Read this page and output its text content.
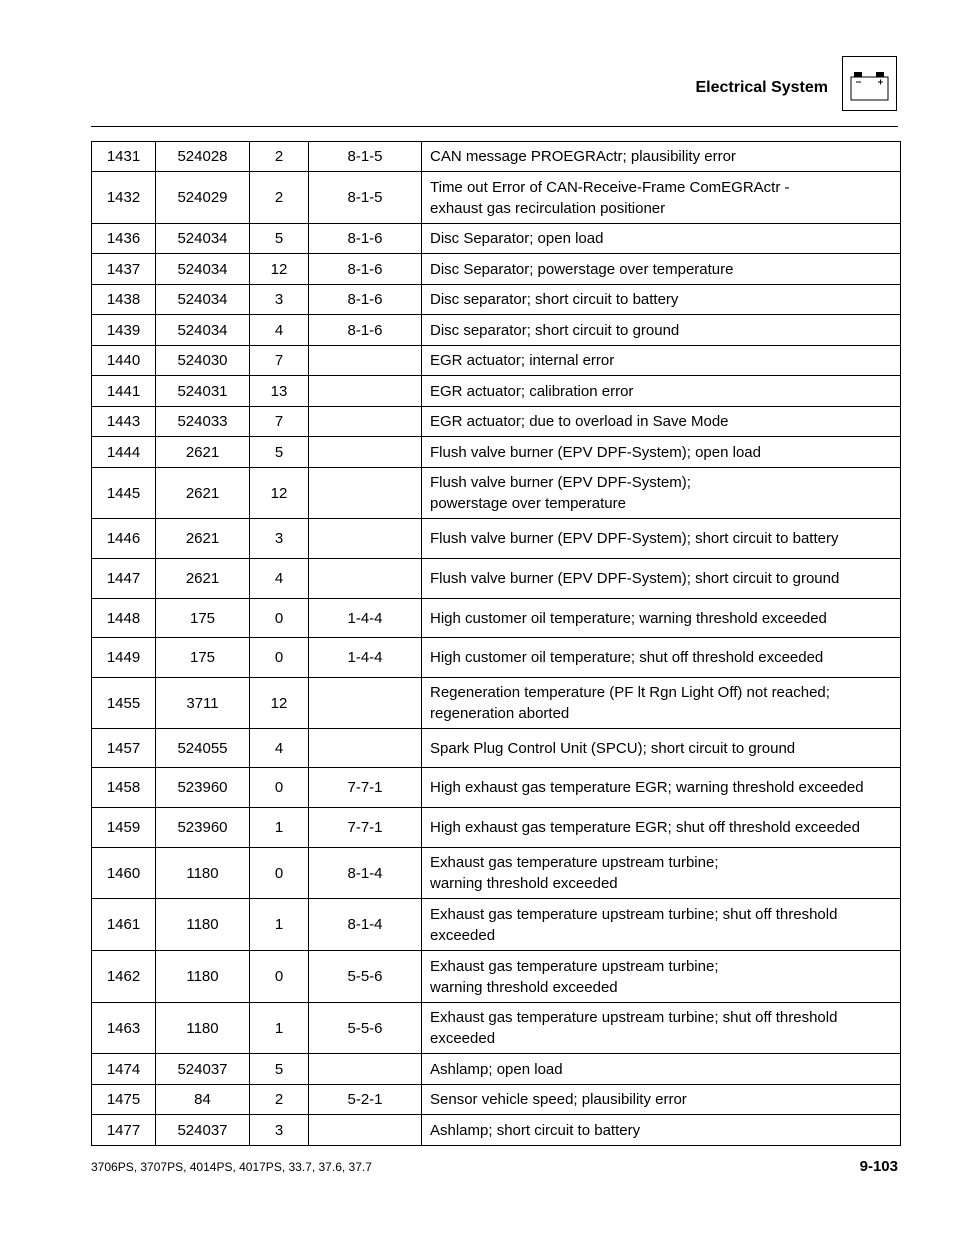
Electrical System
1431	524028	2	8-1-5	CAN message PROEGRActr; plausibility error
1432	524029	2	8-1-5	Time out Error of CAN-Receive-Frame ComEGRActr -
exhaust gas recirculation positioner

1436	524034	5	8-1-6	Disc Separator; open load
1437	524034	12	8-1-6	Disc Separator; powerstage over temperature
1438	524034	3	8-1-6	Disc separator; short circuit to battery
1439	524034	4	8-1-6	Disc separator; short circuit to ground
1440	524030	7		EGR actuator; internal error
1441	524031	13		EGR actuator; calibration error
1443	524033	7		EGR actuator; due to overload in Save Mode
1444	2621	5		Flush valve burner (EPV DPF-System); open load
1445	2621	12		Flush valve burner (EPV DPF-System);
powerstage over temperature

1446	2621	3		Flush valve burner (EPV DPF-System); short circuit to battery
1447	2621	4		Flush valve burner (EPV DPF-System); short circuit to ground
1448	175	0	1-4-4	High customer oil temperature; warning threshold exceeded
1449	175	0	1-4-4	High customer oil temperature; shut off threshold exceeded
1455	3711	12		Regeneration temperature (PF lt Rgn Light Off) not reached;
regeneration aborted

1457	524055	4		Spark Plug Control Unit (SPCU); short circuit to ground
1458	523960	0	7-7-1	High exhaust gas temperature EGR; warning threshold exceeded
1459	523960	1	7-7-1	High exhaust gas temperature EGR; shut off threshold exceeded
1460	1180	0	8-1-4	Exhaust gas temperature upstream turbine;
warning threshold exceeded

1461	1180	1	8-1-4	Exhaust gas temperature upstream turbine; shut off threshold
exceeded

1462	1180	0	5-5-6	Exhaust gas temperature upstream turbine;
warning threshold exceeded

1463	1180	1	5-5-6	Exhaust gas temperature upstream turbine; shut off threshold
exceeded

1474	524037	5		Ashlamp; open load
1475	84	2	5-2-1	Sensor vehicle speed; plausibility error
1477	524037	3		Ashlamp; short circuit to battery
3706PS, 3707PS, 4014PS, 4017PS, 33.7, 37.6, 37.7	9-103
